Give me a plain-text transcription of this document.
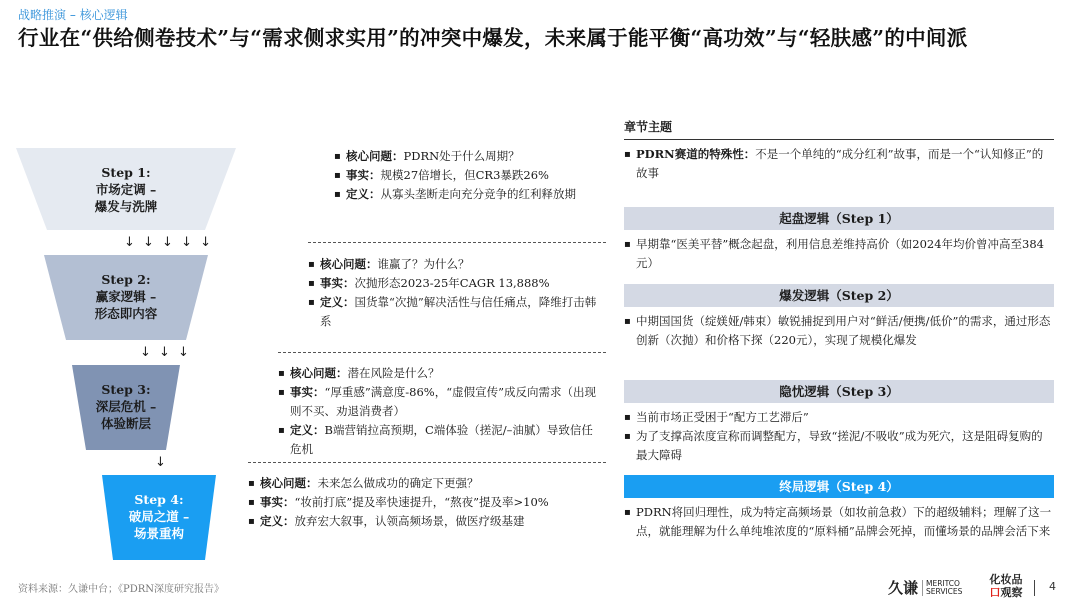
战略推演 – 核心逻辑
行业在“供给侧卷技术”与“需求侧求实用”的冲突中爆发，未来属于能平衡“高功效”与“轻肤感”的中间派
Step 1:
市场定调 –
爆发与洗牌
Step 2:
赢家逻辑 –
形态即内容
Step 3:
深层危机 –
体验断层
Step 4:
破局之道 –
场景重构
↓ ↓ ↓ ↓ ↓
↓ ↓ ↓
↓
▪ 核心问题：PDRN处于什么周期？
▪ 事实：规模27倍增长，但CR3暴跌26%
▪ 定义：从寡头垄断走向充分竞争的红利释放期
▪ 核心问题：谁赢了？为什么？
▪ 事实：次抛形态2023-25年CAGR 13,888%
▪ 定义：国货靠“次抛”解决活性与信任痛点，降维打击韩系
▪ 核心问题：潜在风险是什么？
▪ 事实：“厚重感”满意度-86%，“虚假宣传”成反向需求（出现则不买、劝退消费者）
▪ 定义：B端营销拉高预期，C端体验（搓泥/–油腻）导致信任危机
▪ 核心问题：未来怎么做成功的确定下更强？
▪ 事实：“妆前打底”提及率快速提升，“熬夜”提及率>10%
▪ 定义：放弃宏大叙事，认领高频场景，做医疗级基建
章节主题
▪ PDRN赛道的特殊性：不是一个单纯的“成分红利”故事，而是一个“认知修正”的故事
起盘逻辑（Step 1）
▪ 早期靠“医美平替”概念起盘，利用信息差维持高价（如2024年均价曾冲高至384元）
爆发逻辑（Step 2）
▪ 中期国国货（绽媄娅/韩束）敏锐捕捉到用户对“鲜活/便携/低价”的需求，通过形态创新（次抛）和价格下探（220元），实现了规模化爆发
隐忧逻辑（Step 3）
▪ 当前市场正受困于“配方工艺滞后”
▪ 为了支撑高浓度宣称而调整配方，导致“搓泥/不吸收”成为死穴，这是阻碍复购的最大障碍
终局逻辑（Step 4）
▪ PDRN将回归理性，成为特定高频场景（如妆前急救）下的超级辅料；理解了这一点，就能理解为什么单纯堆浓度的“原料桶”品牌会死掉，而懂场景的品牌会活下来
资料来源：久谦中台；《PDRN深度研究报告》	久谦	MERITCO
SERVICES
化妆品
口观察	4
